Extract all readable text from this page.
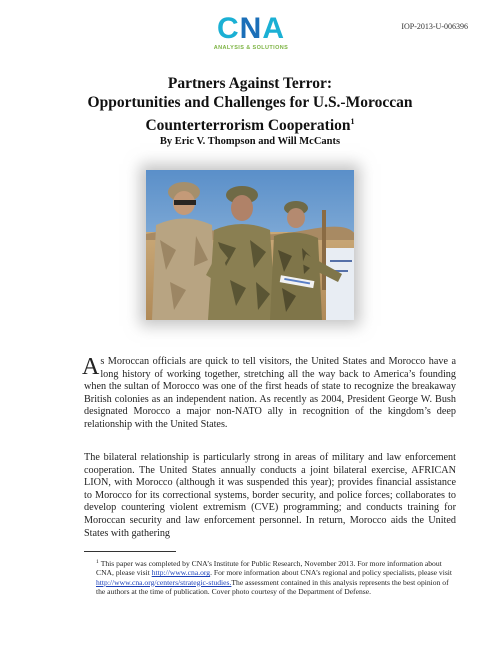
CNA
ANALYSIS & SOLUTIONS
IOP-2013-U-006396
Partners Against Terror:
Opportunities and Challenges for U.S.-Moroccan
Counterterrorism Cooperation$^1$
By Eric V. Thompson and Will McCants
As Moroccan officials are quick to tell visitors, the United States and Morocco have a long history of working together, stretching all the way back to America’s founding when the sultan of Morocco was one of the first heads of state to recognize the breakaway British colonies as an independent nation. As recently as 2004, President George W. Bush designated Morocco a major non-NATO ally in recognition of the kingdom’s deep relationship with the United States.
The bilateral relationship is particularly strong in areas of military and law enforcement cooperation. The United States annually conducts a joint bilateral exercise, AFRICAN LION, with Morocco (although it was suspended this year); provides financial assistance to Morocco for its correctional systems, border security, and police forces; collaborates to develop countering violent extremism (CVE) programming; and conducts training for Moroccan security and law enforcement personnel. In return, Morocco aids the United States with gathering
$^1$ This paper was completed by CNA’s Institute for Public Research, November 2013. For more information about CNA, please visit http://www.cna.org. For more information about CNA’s regional and policy specialists, please visit http://www.cna.org/centers/strategic-studies.The assessment contained in this analysis represents the best opinion of the authors at the time of publication. Cover photo courtesy of the Department of Defense.
